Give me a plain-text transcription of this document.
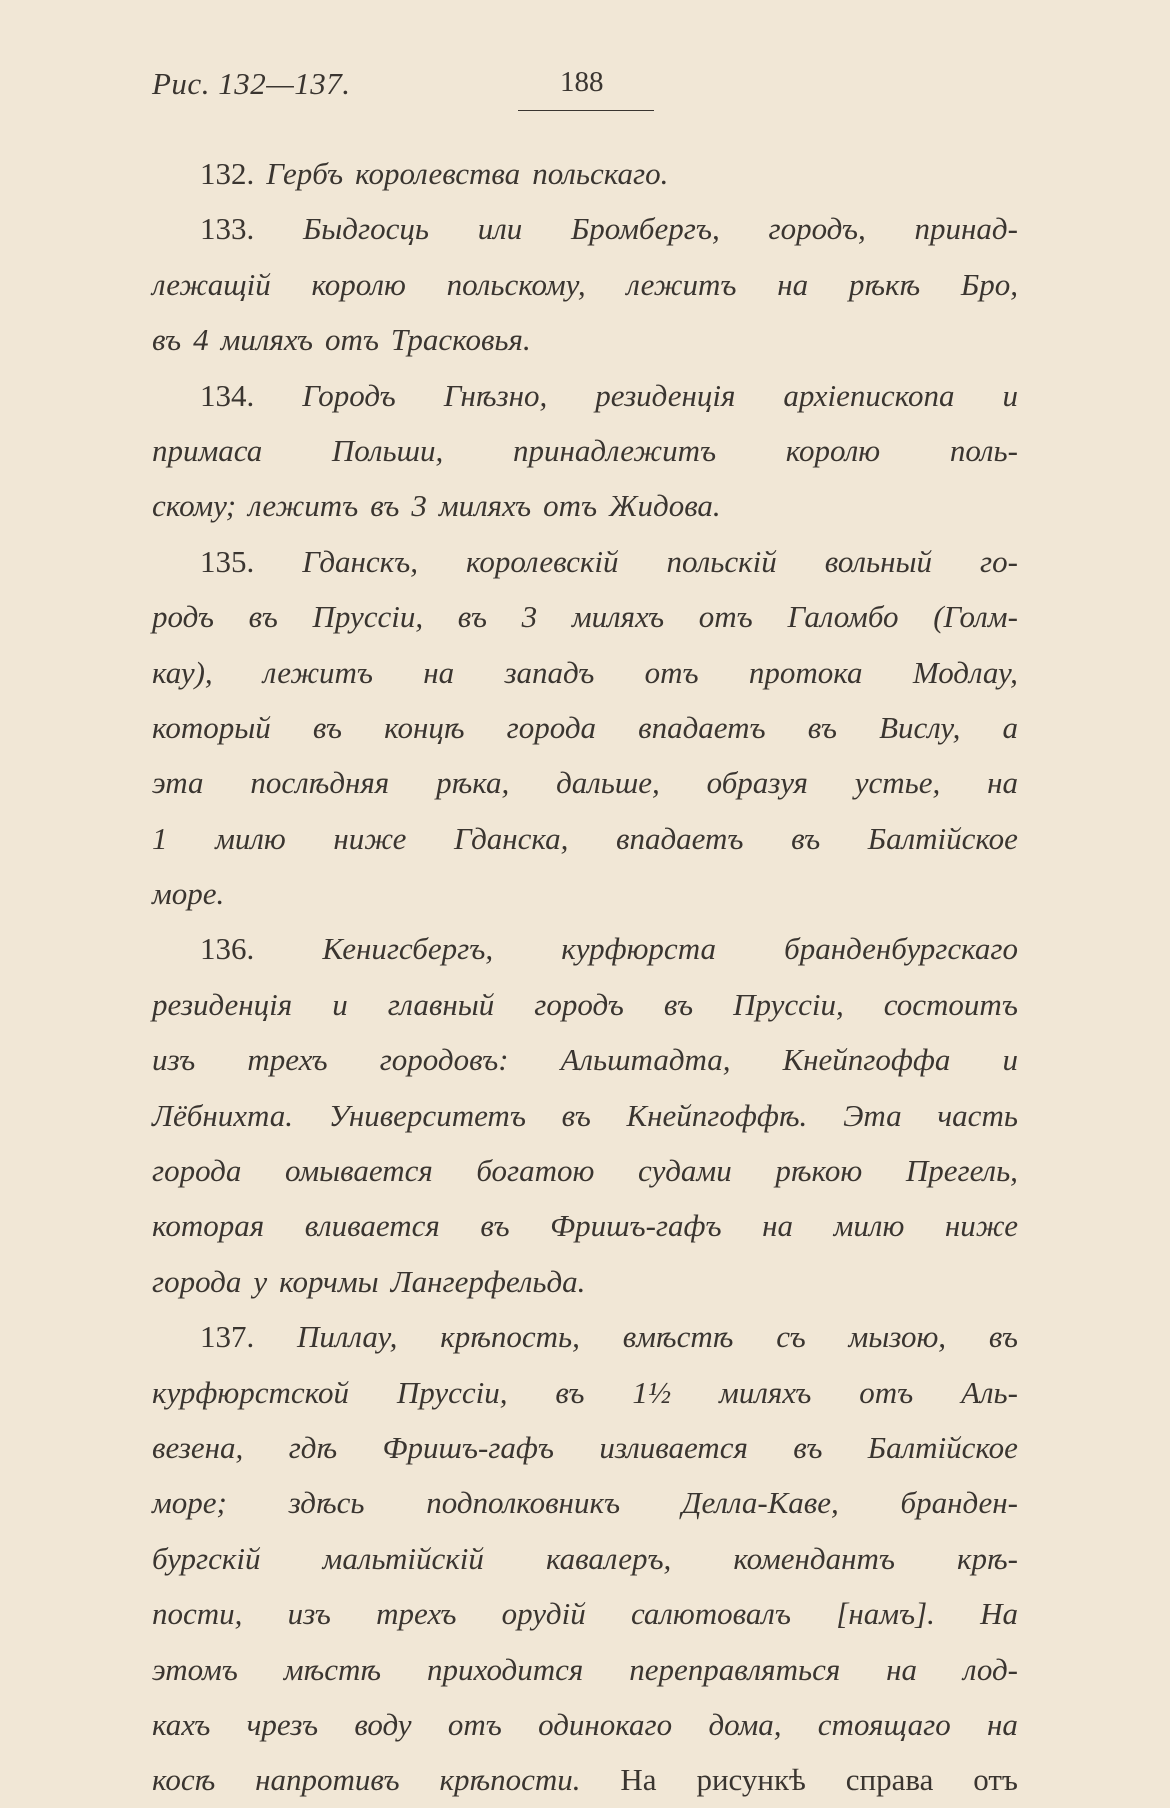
Рис. 132—137.	188
132. Гербъ королевства польскаго.
133. Быдгосць или Бромбергъ, городъ, принад-
лежащій королю польскому, лежитъ на рѣкѣ Бро,
въ 4 миляхъ отъ Трасковья.
134. Городъ Гнѣзно, резиденція архіепископа и
примаса Польши, принадлежитъ королю поль-
скому; лежитъ въ 3 миляхъ отъ Жидова.
135. Гданскъ, королевскій польскій вольный го-
родъ въ Пруссіи, въ 3 миляхъ отъ Галомбо (Голм-
кау), лежитъ на западъ отъ протока Модлау,
который въ концѣ города впадаетъ въ Вислу, а
эта послѣдняя рѣка, дальше, образуя устье, на
1 милю ниже Гданска, впадаетъ въ Балтійское
море.
136. Кенигсбергъ, курфюрста бранденбургскаго
резиденція и главный городъ въ Пруссіи, состоитъ
изъ трехъ городовъ: Альштадта, Кнейпгоффа и
Лёбнихта. Университетъ въ Кнейпгоффѣ. Эта часть
города омывается богатою судами рѣкою Прегель,
которая вливается въ Фришъ-гафъ на милю ниже
города у корчмы Лангерфельда.
137. Пиллау, крѣпость, вмѣстѣ съ мызою, въ
курфюрстской Пруссіи, въ 1½ миляхъ отъ Аль-
везена, гдѣ Фришъ-гафъ изливается въ Балтійское
море; здѣсь подполковникъ Делла-Каве, бранден-
бургскій мальтійскій кавалеръ, комендантъ крѣ-
пости, изъ трехъ орудій салютовалъ [намъ]. На
этомъ мѣстѣ приходится переправляться на лод-
кахъ чрезъ воду отъ одинокаго дома, стоящаго на
косѣ напротивъ крѣпости. На рисункѣ справа отъ
